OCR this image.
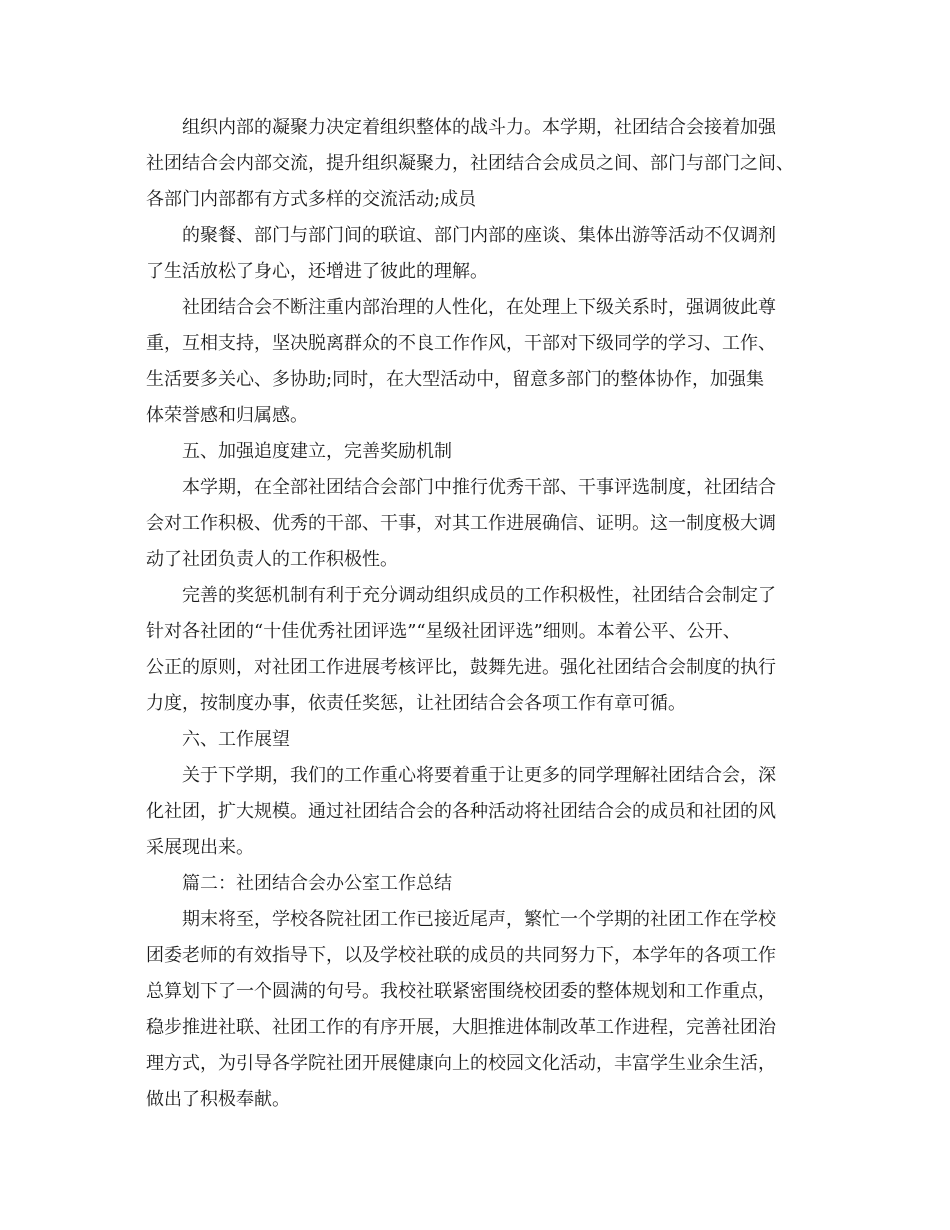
组织内部的凝聚力决定着组织整体的战斗力。本学期，社团结合会接着加强
社团结合会内部交流，提升组织凝聚力，社团结合会成员之间、部门与部门之间、
各部门内部都有方式多样的交流活动;成员
的聚餐、部门与部门间的联谊、部门内部的座谈、集体出游等活动不仅调剂
了生活放松了身心，还增进了彼此的理解。
社团结合会不断注重内部治理的人性化，在处理上下级关系时，强调彼此尊
重，互相支持，坚决脱离群众的不良工作作风，干部对下级同学的学习、工作、
生活要多关心、多协助;同时，在大型活动中，留意多部门的整体协作，加强集
体荣誉感和归属感。
五、加强追度建立，完善奖励机制
本学期，在全部社团结合会部门中推行优秀干部、干事评选制度，社团结合
会对工作积极、优秀的干部、干事，对其工作进展确信、证明。这一制度极大调
动了社团负责人的工作积极性。
完善的奖惩机制有利于充分调动组织成员的工作积极性，社团结合会制定了
针对各社团的“十佳优秀社团评选”“星级社团评选”细则。本着公平、公开、
公正的原则，对社团工作进展考核评比，鼓舞先进。强化社团结合会制度的执行
力度，按制度办事，依责任奖惩，让社团结合会各项工作有章可循。
六、工作展望
关于下学期，我们的工作重心将要着重于让更多的同学理解社团结合会，深
化社团，扩大规模。通过社团结合会的各种活动将社团结合会的成员和社团的风
采展现出来。
篇二：社团结合会办公室工作总结
期末将至，学校各院社团工作已接近尾声，繁忙一个学期的社团工作在学校
团委老师的有效指导下，以及学校社联的成员的共同努力下，本学年的各项工作
总算划下了一个圆满的句号。我校社联紧密围绕校团委的整体规划和工作重点，
稳步推进社联、社团工作的有序开展，大胆推进体制改革工作进程，完善社团治
理方式，为引导各学院社团开展健康向上的校园文化活动，丰富学生业余生活，
做出了积极奉献。
